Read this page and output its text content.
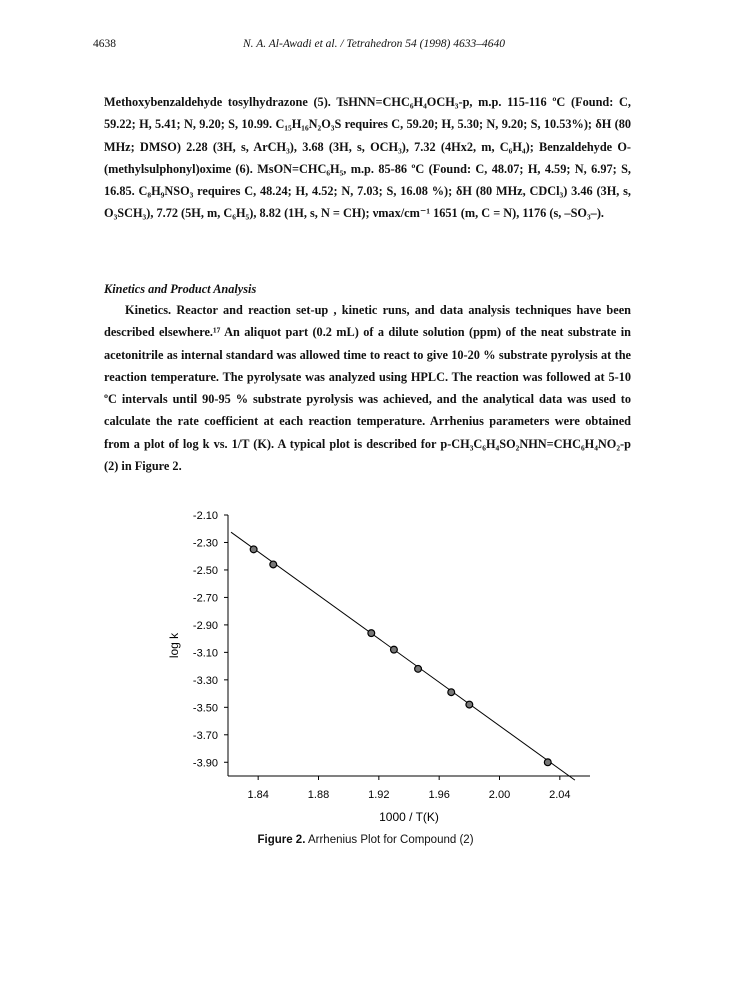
4638	N. A. Al-Awadi et al. / Tetrahedron 54 (1998) 4633–4640

Methoxybenzaldehyde tosylhydrazone (5). TsHNN=CHC₆H₄OCH₃-p, m.p. 115-116 ºC (Found: C, 59.22; H, 5.41; N, 9.20; S, 10.99. C₁₅H₁₆N₂O₃S requires C, 59.20; H, 5.30; N, 9.20; S, 10.53%); δH (80 MHz; DMSO) 2.28 (3H, s, ArCH₃), 3.68 (3H, s, OCH₃), 7.32 (4Hx2, m, C₆H₄); Benzaldehyde O-(methylsulphonyl)oxime (6). MsON=CHC₆H₅, m.p. 85-86 ºC (Found: C, 48.07; H, 4.59; N, 6.97; S, 16.85. C₈H₉NSO₃ requires C, 48.24; H, 4.52; N, 7.03; S, 16.08 %); δH (80 MHz, CDCl₃) 3.46 (3H, s, O₃SCH₃), 7.72 (5H, m, C₆H₅), 8.82 (1H, s, N = CH); νmax/cm⁻¹ 1651 (m, C = N), 1176 (s, –SO₃–).

Kinetics and Product Analysis

Kinetics. Reactor and reaction set-up , kinetic runs, and data analysis techniques have been described elsewhere.¹⁷ An aliquot part (0.2 mL) of a dilute solution (ppm) of the neat substrate in acetonitrile as internal standard was allowed time to react to give 10-20 % substrate pyrolysis at the reaction temperature. The pyrolysate was analyzed using HPLC. The reaction was followed at 5-10 ºC intervals until 90-95 % substrate pyrolysis was achieved, and the analytical data was used to calculate the rate coefficient at each reaction temperature. Arrhenius parameters were obtained from a plot of log k vs. 1/T (K). A typical plot is described for p-CH₃C₆H₄SO₂NHN=CHC₆H₄NO₂-p (2) in Figure 2.

-2.10
-2.30
-2.50
-2.70
-2.90
-3.10
-3.30
-3.50
-3.70
-3.90
1.84	1.88	1.92	1.96	2.00	2.04
log k
1000 / T(K)
Figure 2. Arrhenius Plot for Compound (2)
